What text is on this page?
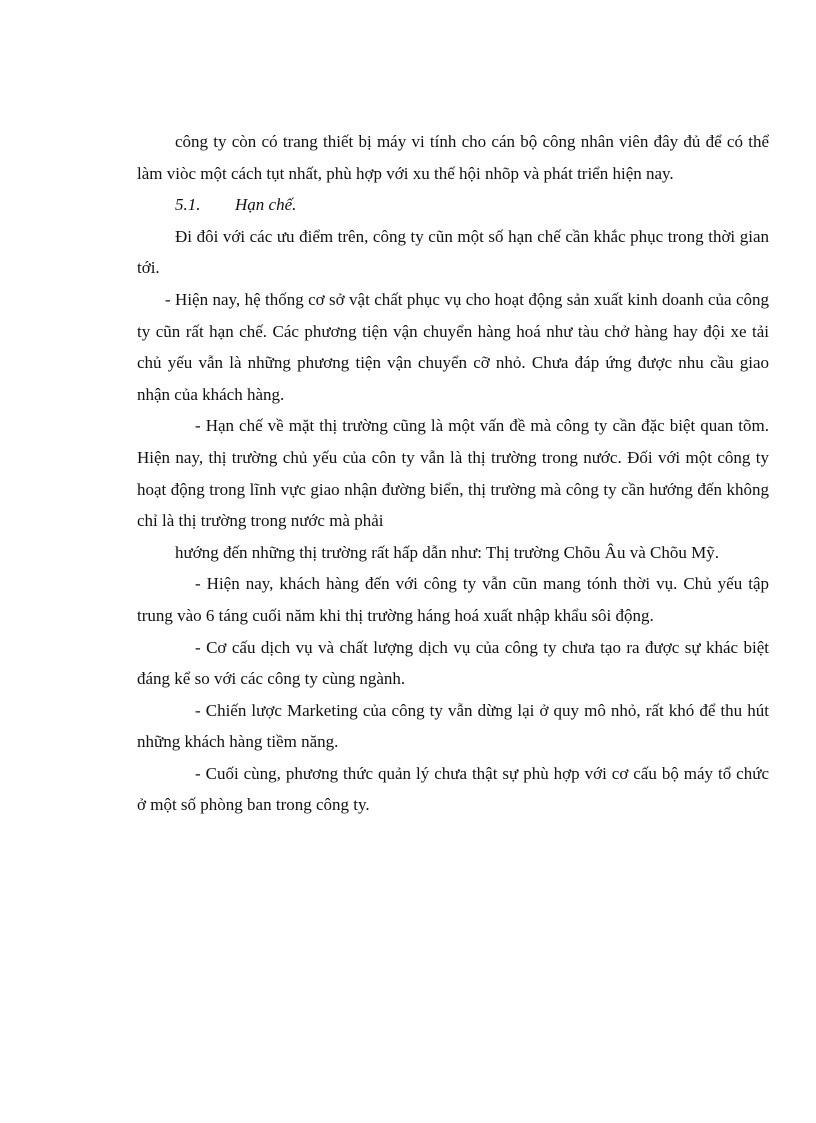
công ty còn có trang thiết bị máy vi tính cho cán bộ công nhân viên đây đủ để có thể làm viòc một cách tụt nhất, phù hợp với xu thế hội nhõp và phát triển hiện nay.

5.1. Hạn chế.

Đi đôi với các ưu điểm trên, công ty cũn một số hạn chế cần khắc phục trong thời gian tới.

- Hiện nay, hệ thống cơ sở vật chất phục vụ cho hoạt động sản xuất kinh doanh của công ty cũn rất hạn chế. Các phương tiện vận chuyển hàng hoá như tàu chở hàng hay đội xe tải chủ yếu vẫn là những phương tiện vận chuyển cỡ nhỏ. Chưa đáp ứng được nhu cầu giao nhận của khách hàng.

- Hạn chế về mặt thị trường cũng là một vấn đề mà công ty cần đặc biệt quan tõm. Hiện nay, thị trường chủ yếu của côn ty vẫn là thị trường trong nước. Đối với một công ty hoạt động trong lĩnh vực giao nhận đường biển, thị trường mà công ty cần hướng đến không chỉ là thị trường trong nước mà phải

hướng đến những thị trường rất hấp dẫn như: Thị trường Chõu Âu và Chõu Mỹ.

- Hiện nay, khách hàng đến với công ty vẫn cũn mang tónh thời vụ. Chủ yếu tập trung vào 6 táng cuối năm khi thị trường háng hoá xuất nhập khẩu sôi động.

- Cơ cấu dịch vụ và chất lượng dịch vụ của công ty chưa tạo ra được sự khác biệt đáng kể so với các công ty cùng ngành.

- Chiến lược Marketing của công ty vẫn dừng lại ở quy mô nhỏ, rất khó để thu hút những khách hàng tiềm năng.

- Cuối cùng, phương thức quản lý chưa thật sự phù hợp với cơ cấu bộ máy tổ chức ở một số phòng ban trong công ty.
